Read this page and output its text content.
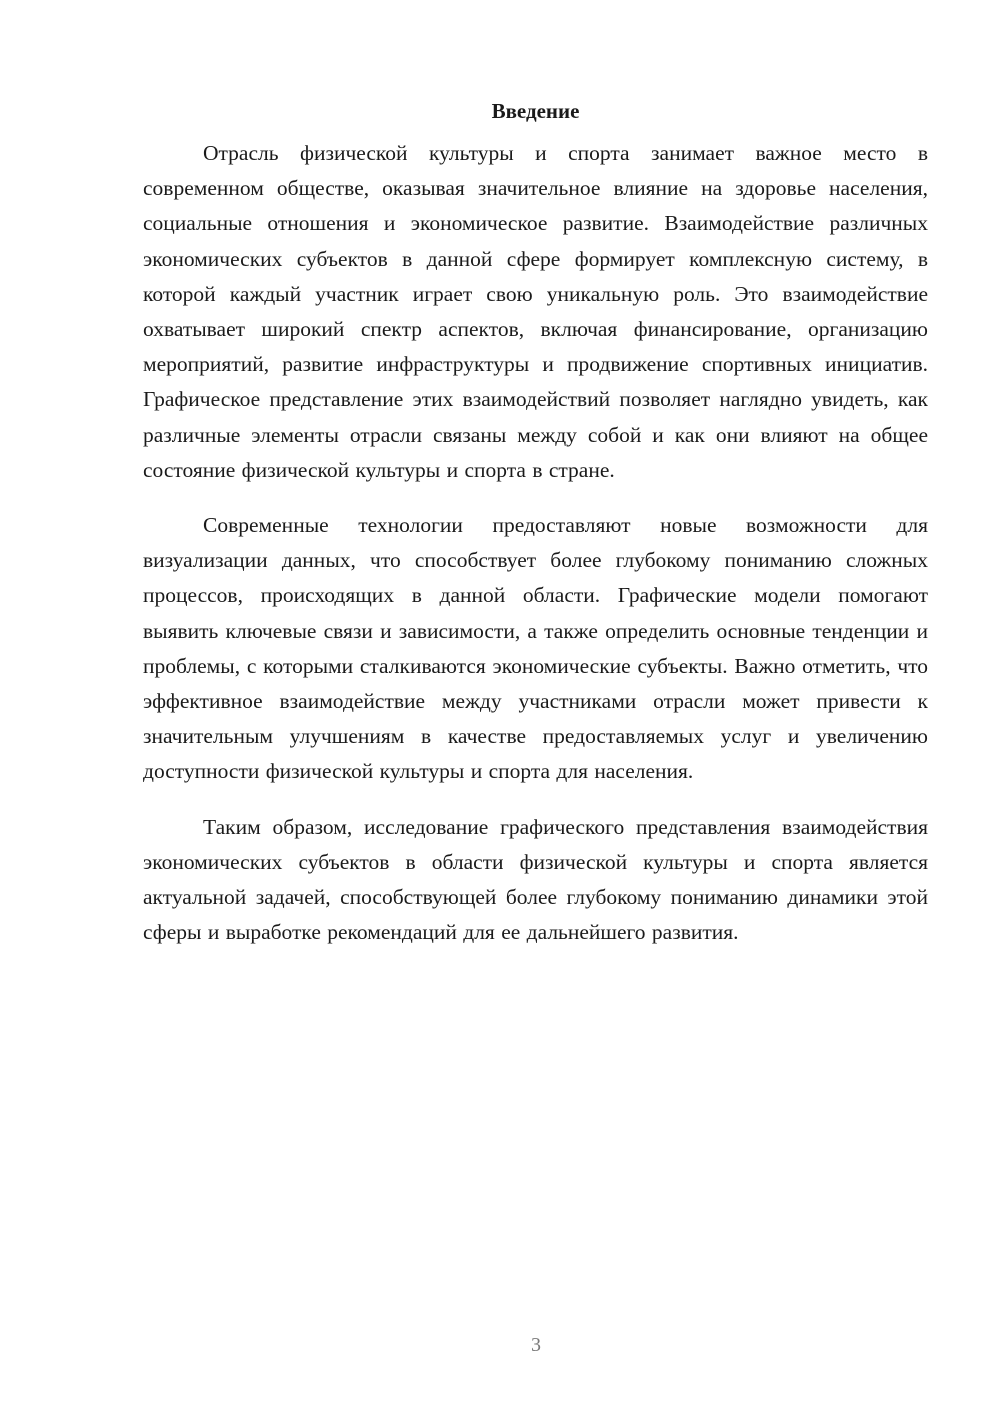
Введение

Отрасль физической культуры и спорта занимает важное место в современном обществе, оказывая значительное влияние на здоровье населения, социальные отношения и экономическое развитие. Взаимодействие различных экономических субъектов в данной сфере формирует комплексную систему, в которой каждый участник играет свою уникальную роль. Это взаимодействие охватывает широкий спектр аспектов, включая финансирование, организацию мероприятий, развитие инфраструктуры и продвижение спортивных инициатив. Графическое представление этих взаимодействий позволяет наглядно увидеть, как различные элементы отрасли связаны между собой и как они влияют на общее состояние физической культуры и спорта в стране.

Современные технологии предоставляют новые возможности для визуализации данных, что способствует более глубокому пониманию сложных процессов, происходящих в данной области. Графические модели помогают выявить ключевые связи и зависимости, а также определить основные тенденции и проблемы, с которыми сталкиваются экономические субъекты. Важно отметить, что эффективное взаимодействие между участниками отрасли может привести к значительным улучшениям в качестве предоставляемых услуг и увеличению доступности физической культуры и спорта для населения.

Таким образом, исследование графического представления взаимодействия экономических субъектов в области физической культуры и спорта является актуальной задачей, способствующей более глубокому пониманию динамики этой сферы и выработке рекомендаций для ее дальнейшего развития.

3
